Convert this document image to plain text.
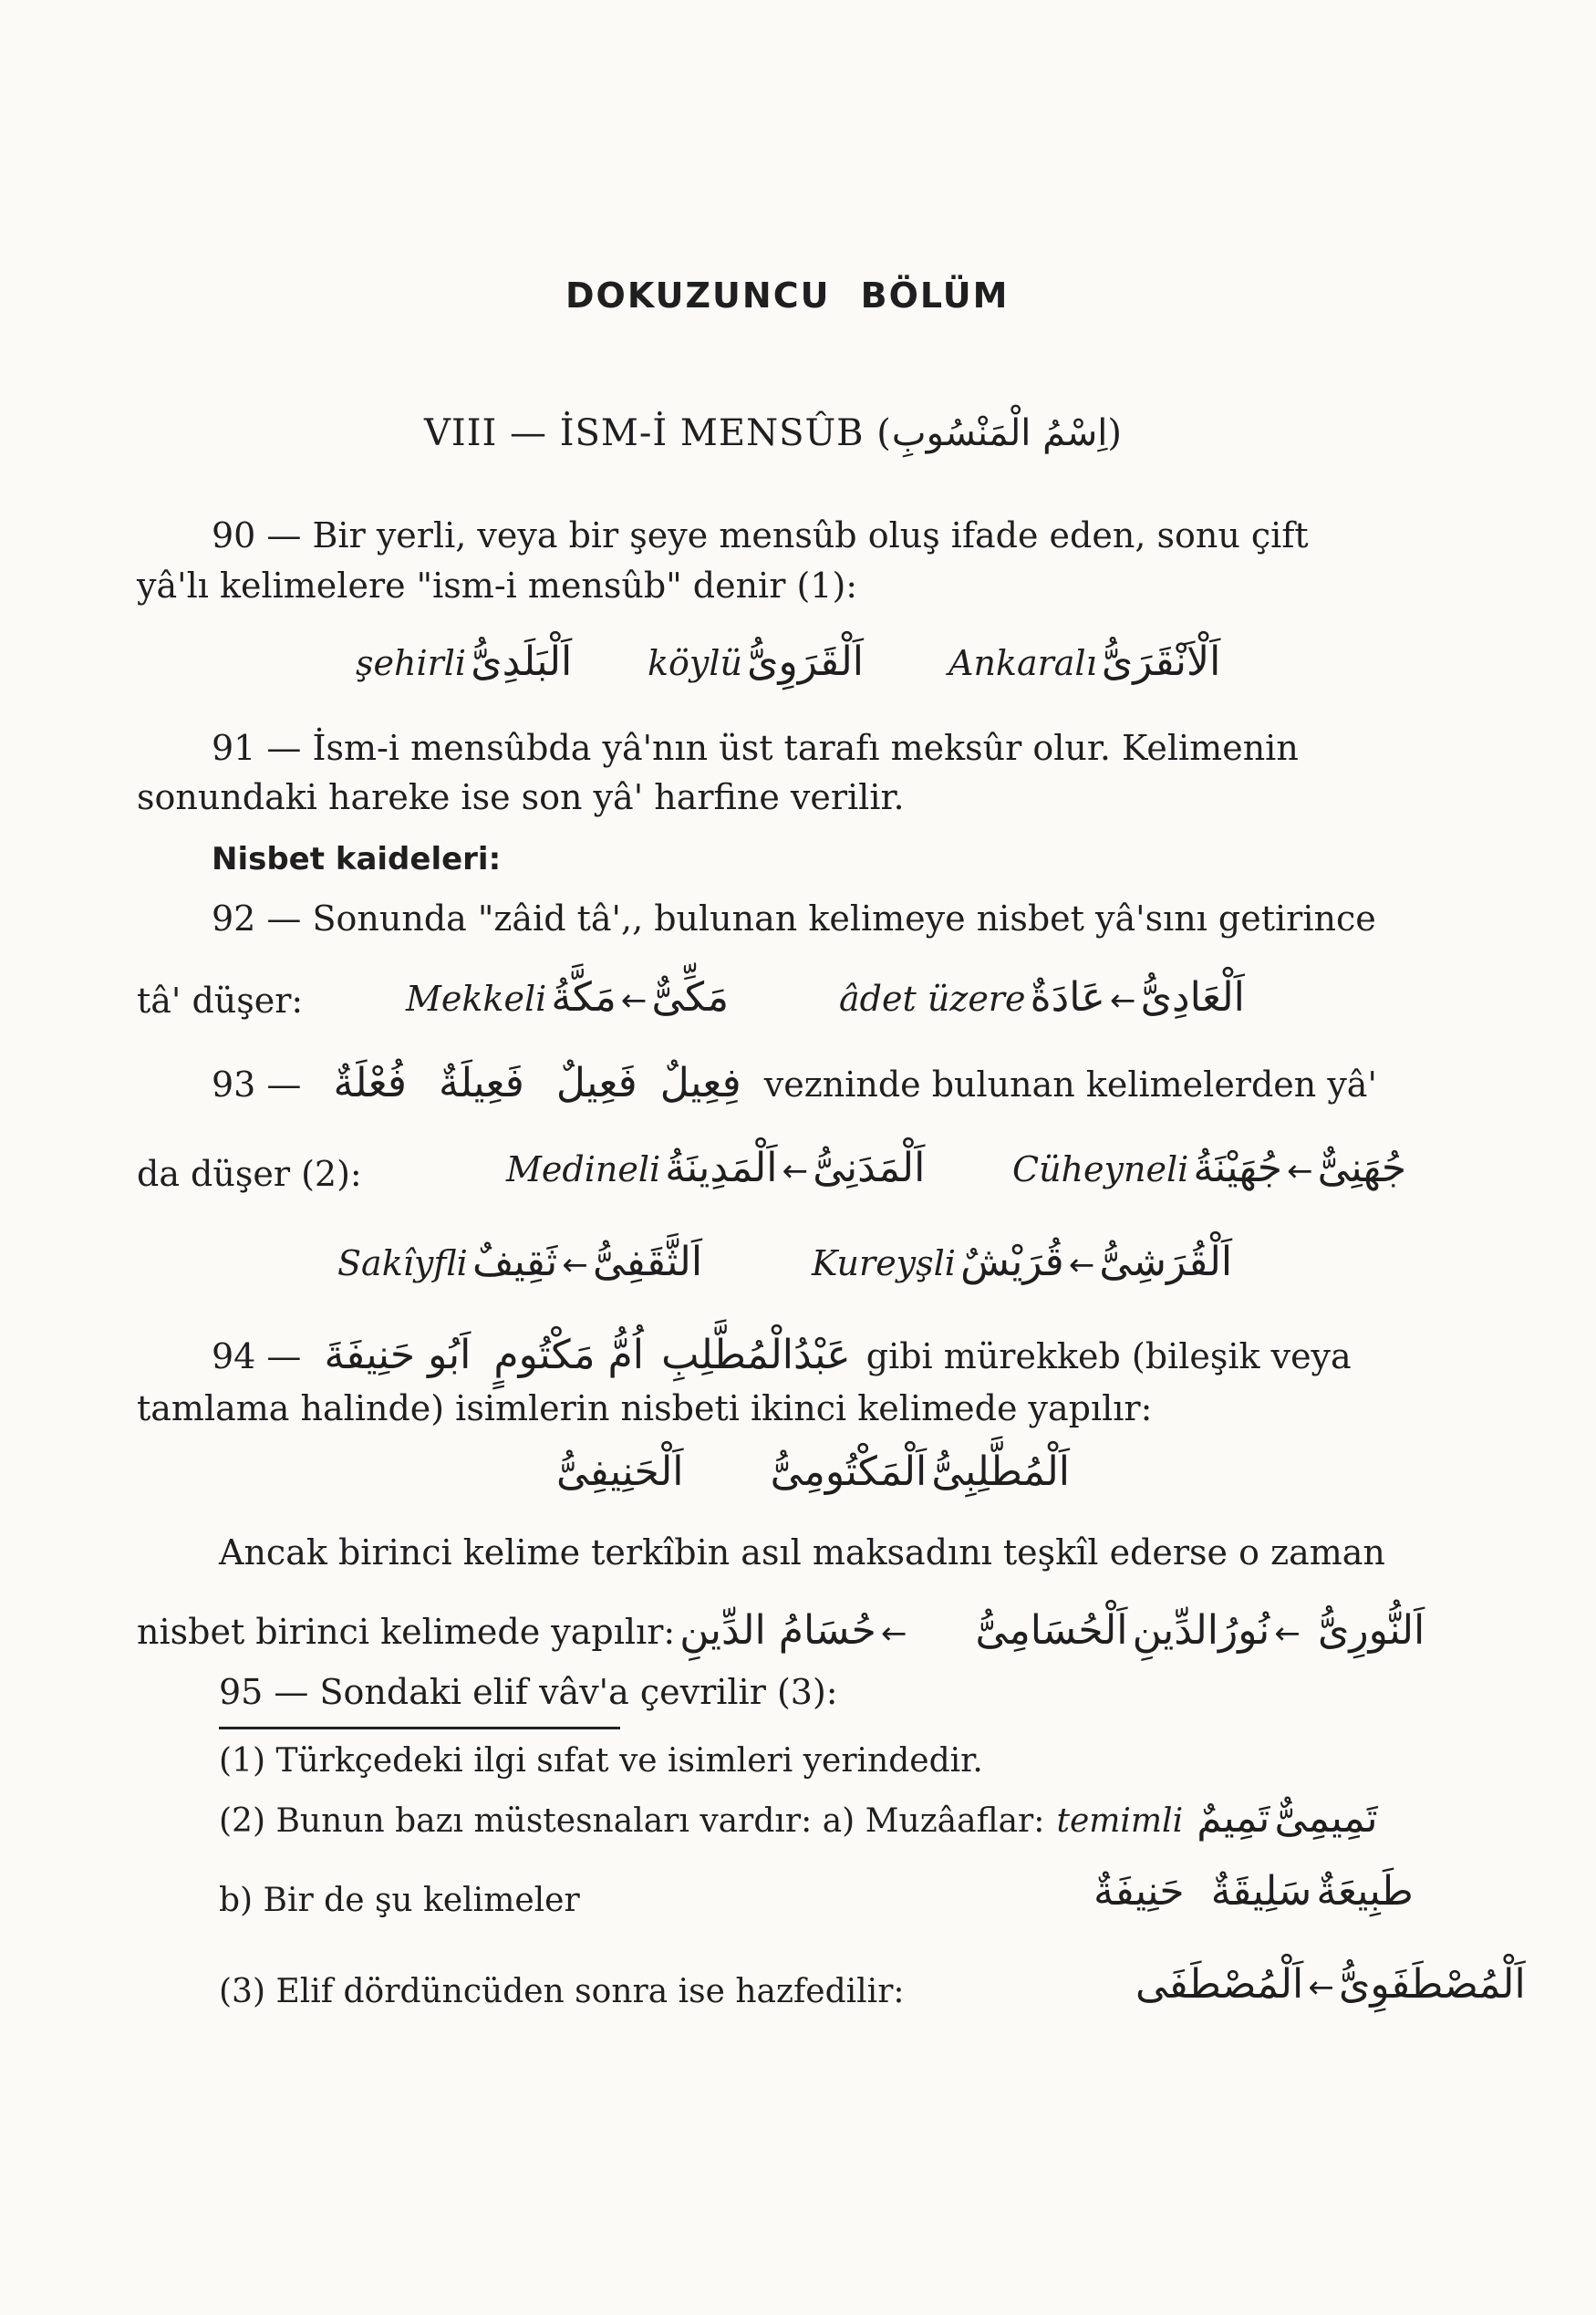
DOKUZUNCU BÖLÜM
VIII — İSM-İ MENSÛB (اِسْمُ الْمَنْسُوبِ)
90 — Bir yerli, veya bir şeye mensûb oluş ifade eden, sonu çift
yâ'lı kelimelere "ism-i mensûb" denir (1):
şehirli اَلْبَلَدِىُّ köylü اَلْقَرَوِىُّ Ankaralı اَلْاَنْقَرَىُّ
91 — İsm-i mensûbda yâ'nın üst tarafı meksûr olur. Kelimenin
sonundaki hareke ise son yâ' harfine verilir.
Nisbet kaideleri:
92 — Sonunda "zâid tâ',, bulunan kelimeye nisbet yâ'sını getirince
tâ' düşer:	Mekkeli	مَكِّىٌّ ← مَكَّةُ	âdet üzere	اَلْعَادِىُّ ← عَادَةٌ
93 —	فِعِيلٌ فَعِيلٌ فَعِيلَةٌ فُعْلَةٌ	vezninde bulunan kelimelerden yâ'
da düşer (2):	Medineli	اَلْمَدَنِىُّ ← اَلْمَدِينَةُ	Cüheyneli	جُهَنِىٌّ ← جُهَيْنَةُ
Sakîyfli	اَلثَّقَفِىُّ ← ثَقِيفٌ	Kureyşli	اَلْقُرَشِىُّ ← قُرَيْشٌ
94 —	عَبْدُالْمُطَّلِبِ اُمُّ مَكْتُومٍ اَبُو حَنِيفَةَ	gibi mürekkeb (bileşik veya
tamlama halinde) isimlerin nisbeti ikinci kelimede yapılır:
اَلْمُطَّلِبِىُّ اَلْمَكْتُومِىُّ اَلْحَنِيفِىُّ
Ancak birinci kelime terkîbin asıl maksadını teşkîl ederse o zaman
nisbet birinci kelimede yapılır:	اَلنُّورِىُّ ← نُورُالدِّينِ اَلْحُسَامِىُّ ← حُسَامُ الدِّينِ
95 — Sondaki elif vâv'a çevrilir (3):
(1) Türkçedeki ilgi sıfat ve isimleri yerindedir.
(2) Bunun bazı müstesnaları vardır: a) Muzâaflar: temimli تَمِيمِىٌّ تَمِيمٌ
b) Bir de şu kelimeler	طَبِيعَةٌ سَلِيقَةٌ حَنِيفَةٌ
(3) Elif dördüncüden sonra ise hazfedilir:	اَلْمُصْطَفَوِىُّ ← اَلْمُصْطَفَى
